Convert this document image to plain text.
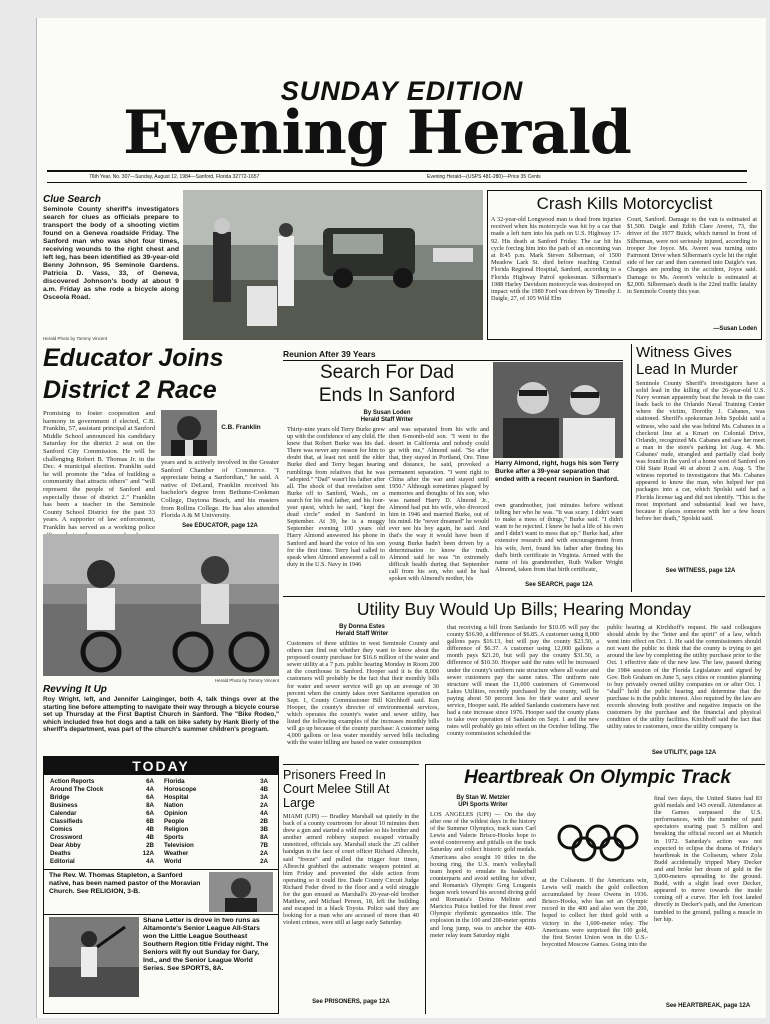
SUNDAY EDITION
Evening Herald
76th Year, No. 307—Sunday, August 12, 1984—Sanford, Florida 32772-1657	Evening Herald—(USPS 481-280)—Price 35 Cents
Clue Search
Seminole County sheriff's investigators search for clues as officials prepare to transport the body of a shooting victim found on a Geneva roadside Friday. The Sanford man who was shot four times, receiving wounds to the right chest and left leg, has been identified as 39-year-old Benny Johnson, 95 Seminole Gardens. Patricia D. Vass, 33, of Geneva, discovered Johnson's body at about 9 a.m. Friday as she rode a bicycle along Osceola Road.
Herald Photo by Tommy Vincent
Crash Kills Motorcyclist
A 32-year-old Longwood man is dead from injuries received when his motorcycle was hit by a car that made a left turn into his path on U.S. Highway 17-92. His death at Sanford Friday. The car hit his cycle forcing him into the path of an oncoming van at 8:45 p.m. Mark Steven Silberman, of 1500 Meadow Lark St. died before reaching Central Florida Regional Hospital, Sanford, according to a Florida Highway Patrol spokesman. Silberman's 1988 Harley Davidson motorcycle was destroyed on impact with the 1980 Ford van driven by Timothy J. Daigle, 27, of 105 Wild Elm
Court, Sanford. Damage to the van is estimated at $1,500. Daigle and Edith Clare Averet, 73, the driver of the 1977 Buick, which turned in front of Silberman, were not seriously injured, according to trooper Joe Joyce. Ms. Averet was turning onto Fairmont Drive when Silberman's cycle hit the right side of her car and then careened into Daigle's van. Charges are pending in the accident, Joyce said. Damage to Ms. Averet's vehicle is estimated at $2,000. Silberman's death is the 22nd traffic fatality in Seminole County this year.
—Susan Loden
Educator Joins District 2 Race
Promising to foster cooperation and harmony in government if elected, C.B. Franklin, 57, assistant principal at Sanford Middle School announced his candidacy Saturday for the district 2 seat on the Sanford City Commission. He will be challenging Robert B. Thomas Jr. in the Dec. 4 municipal election. Franklin said he will promote the "idea of building a community that attracts others" and "will represent the people of Sanford and especially those of district 2." Franklin has been a teacher in the Seminole County School District for the past 33 years. A supporter of law enforcement, Franklin has served as a working police
C.B. Franklin
years and is actively involved in the Greater Sanford Chamber of Commerce. "I appreciate being a Sanfordian," he said. A native of DeLand, Franklin received his bachelor's degree from Bethune-Cookman College, Daytona Beach, and his masters from Rollins College. He has also attended Florida A & M University.
See EDUCATOR, page 12A
Reunion After 39 Years
Search For Dad
Ends In Sanford
By Susan Loden
Herald Staff Writer
Thirty-nine years old Terry Burke grew up with the confidence of any child. He knew that Robert Burke was his dad. There was never any reason for him to doubt that, at least not until the elder Burke died and Terry began hearing rumblings from relatives that he was "adopted." "Dad" wasn't his father after all. The shock of that revelation sent Burke off to Sanford, Wash., on a search for his real father, and his four-year quest, which he said, "kept the dead circle" ended in Sanford in September. At 39, he is a muggy September evening 100 years old Harry Almond answered his phone in Sanford and heard the voice of his son for the first time. Terry had called to speak when Almond answered a call to duty in the U.S. Navy in 1946
and was separated from his wife and then 6-month-old son. "I went to the desert in California and nobody could go with me," Almond said. "So after that, they stayed in Portland, Ore. Time and distance, he said, provoked a permanent separation. "I went right to China after the war and stayed until 1950." Although sometimes plagued by memories and thoughts of his son, who was named Harry D. Almond Jr., Almond had put his wife, who divorced him in 1946 and married Burke, out of his mind. He "never dreamed" he would ever see his boy again, he said. And that's the way it would have been if young Burke hadn't been driven by a determination to know the truth. Almond said he was "in extremely difficult health during that September call from his son, who said he had spoken with Almond's mother, his
Harry Almond, right, hugs his son Terry Burke after a 39-year separation that ended with a recent reunion in Sanford.
own grandmother, just minutes before without telling her who he was. "It was scary. I didn't want to make a mess of things," Burke said. "I didn't want to be rejected. I knew he had a life of his own and I didn't want to mess that up." Burke had, after extensive research and with encouragement from his wife, Jerri, found his father after finding his dad's birth certificate in Virginia. Armed with the name of his grandmother, Ruth Walker Wright Almond, taken from that birth certificate,
See SEARCH, page 12A
Witness Gives Lead In Murder
Seminole County Sheriff's investigators have a solid lead in the killing of the 26-year-old U.S. Navy woman apparently beat the break in the case leads back to the Orlando Naval Training Center where the victim, Dorothy J. Cabanes, was stationed. Sheriff's spokesman John Spolski said a witness, who said she was behind Ms. Cabanes in a checkout line at a Kmart on Colonial Drive, Orlando, recognized Ms. Cabanes and saw her meet a man in the store's parking lot Aug. 4. Ms. Cabanes' nude, strangled and partially clad body was found in the yard of a home west of Sanford on Old State Road 46 at about 2 a.m. Aug. 5. The witness reported to investigators that Ms. Cabanes appeared to know the man, who helped her put packages into a car, which Spolski said had a Florida license tag and did not identify. "This is the most important and substantial lead we have, because it places someone with her a few hours before her death," Spolski said.
See WITNESS, page 12A
Herald Photo by Tommy Vincent
Revving It Up
Roy Wright, left, and Jennifer Lainginger, both 4, talk things over at the starting line before attempting to navigate their way through a bicycle course set up Thursday at the First Baptist Church in Sanford. The "Bike Rodeo," which included free hot dogs and a talk on bike safety by Hank Bierly of the sheriff's department, was part of the church's summer children's program.
Utility Buy Would Up Bills; Hearing Monday
By Donna Estes
Herald Staff Writer
Customers of three utilities in west Seminole County and others can find out whether they want to know about the proposed county purchase for $16.6 million of the water and sewer utility at a 7 p.m. public hearing Monday in Room 200 at the courthouse in Sanford. Hooper said it is the 8,000 customers will probably be the fact that their monthly bills for water and sewer service will go up an average of 30 percent when the county takes over Sanitaron operation on Sept. 1, County Commissioner Bill Kirchhoff said. Ken Hooper, the county's director of environmental services, which operates the county's water and sewer utility, has listed the following examples of the increases monthly bills will go up because of the county purchase: A customer using 4,000 gallons or less water monthly served bills including with the water billing are based on water consumption
that receiving a bill from Sanlando for $10.05 will pay the county $16.90, a difference of $6.85. A customer using 8,000 gallons pays $16.13, but will pay the county $23.50, a difference of $6.37. A customer using 12,000 gallons a month pays $21.20, but will pay the county $31.50, a difference of $10.30. Hooper said the rates will be increased under the county's uniform rate structure where all water and sewer customers pay the same rates. The uniform rate structure will mean the 11,000 customers of Greenwood Lakes Utilities, recently purchased by the county, will be paying about 50 percent less for their water and sewer service, Hooper said. He added Sanlando customers have not had a rate increase since 1976. Hooper said the county plans to take over operation of Sanlando on Sept. 1 and the new rates will probably go into effect on the October billing. The county commission scheduled the
public hearing at Kirchhoff's request. He said colleagues should abide by the "letter and the spirit" of a law, which went into effect on Oct. 1. He said the commissioners should not want the public to think that the county is trying to get around the law by completing the utility purchase prior to the Oct. 1 effective date of the new law. The law, passed during the 1984 session of the Florida Legislature and signed by Gov. Bob Graham on June 5, says cities or counties planning to buy privately owned utility companies on or after Oct. 1 "shall" hold the public hearing and determine that the purchase is in the public interest. Also required by the law are records showing both positive and negative impacts on the customers by the purchase and the financial and physical condition of the utility facilities. Kirchhoff said the fact that utility rates to customers, once the utility company is
See UTILITY, page 12A
TODAY
Action Reports	6A
Around The Clock	4A
Bridge	6A
Business	8A
Calendar	6A
Classifieds	6B
Comics	4B
Crossword	4B
Dear Abby	2B
Deaths	12A
Editorial	4A
Florida	3A
Horoscope	4B
Hospital	3A
Nation	2A
Opinion	4A
People	2B
Religion	3B
Sports	8A
Television	7B
Weather	2A
World	2A
The Rev. W. Thomas Stapleton, a Sanford native, has been named pastor of the Moravian Church. See RELIGION, 3-B.
Shane Letter is drove in two runs as Altamonte's Senior League All-Stars won the Little League Southeast Southern Region title Friday night. The Seniors will fly out Sunday for Gary, Ind., and the Senior League World Series. See SPORTS, 8A.
Prisoners Freed In Court Melee Still At Large
MIAMI (UPI) — Bradley Marshall sat quietly in the back of a county courtroom for about 10 minutes then drew a gun and started a wild melee so his brother and another armed robbery suspect escaped virtually unnoticed, officials say. Marshall stuck the .25 caliber handgun in the face of court officer Richard Albrecht, said "freeze" and pulled the trigger four times, Albrecht grabbed the automatic weapon pointed at him Friday and prevented the slide action from operating so it could fire. Dade County Circuit Judge Richard Feder dived to the floor and a wild struggle for the gun ensued as Marshall's 20-year-old brother Matthew, and Michael Person, 18, left the building and escaped in a black Toyota. Police said they are looking for a man who are accused of more than 40 violent crimes, were still at large early Saturday.
See PRISONERS, page 12A
Heartbreak On Olympic Track
By Stan W. Metzler
UPI Sports Writer
LOS ANGELES (UPI) — On the day after one of the wildest days in the history of the Summer Olympics, track stars Carl Lewis and Valerie Brisco-Hooks hope to avoid controversy and pitfalls on the track Saturday and collect historic gold medals. Americans also sought 10 titles in the boxing ring, the U.S. men's volleyball team hoped to emulate its basketball counterparts and avoid settling for silver, and Romania's Olympic Greg Louganis began work toward his second diving gold and Romania's Doina Melinte and Maricica Puica battled for the finest ever Olympic rhythmic gymnastics title. The explosion in the 100 and 200-meter sprints and long jump, was to anchor the 400-meter relay team Saturday night
at the Coliseum. If the Americans win, Lewis will match the gold collection accumulated by Jesse Owens in 1936. Brisco-Hooks, who has set an Olympic record in the 400 and also won the 200, hoped to collect her third gold with a victory in the 1,600-meter relay. The Americans were surprised the 100 gold, the first Soviet Union won in the U.S.-boycotted Moscow Games. Going into the
final two days, the United States had 83 gold medals and 143 overall. Attendance at the Games surpassed the U.S. performances, with the number of paid spectators soaring past 5 million and breaking the official record set at Munich in 1972. Saturday's action was not expected to eclipse the drama of Friday's heartbreak in the Coliseum, where Zola Budd accidentally tripped Mary Decker and and broke her dream of gold in the 3,000-meters spreading to the ground. Budd, with a slight lead over Decker, appeared to move towards the inside coming off a curve. Her left foot landed directly in Decker's path, and the American tumbled to the ground, pulling a muscle in her hip.
See HEARTBREAK, page 12A
